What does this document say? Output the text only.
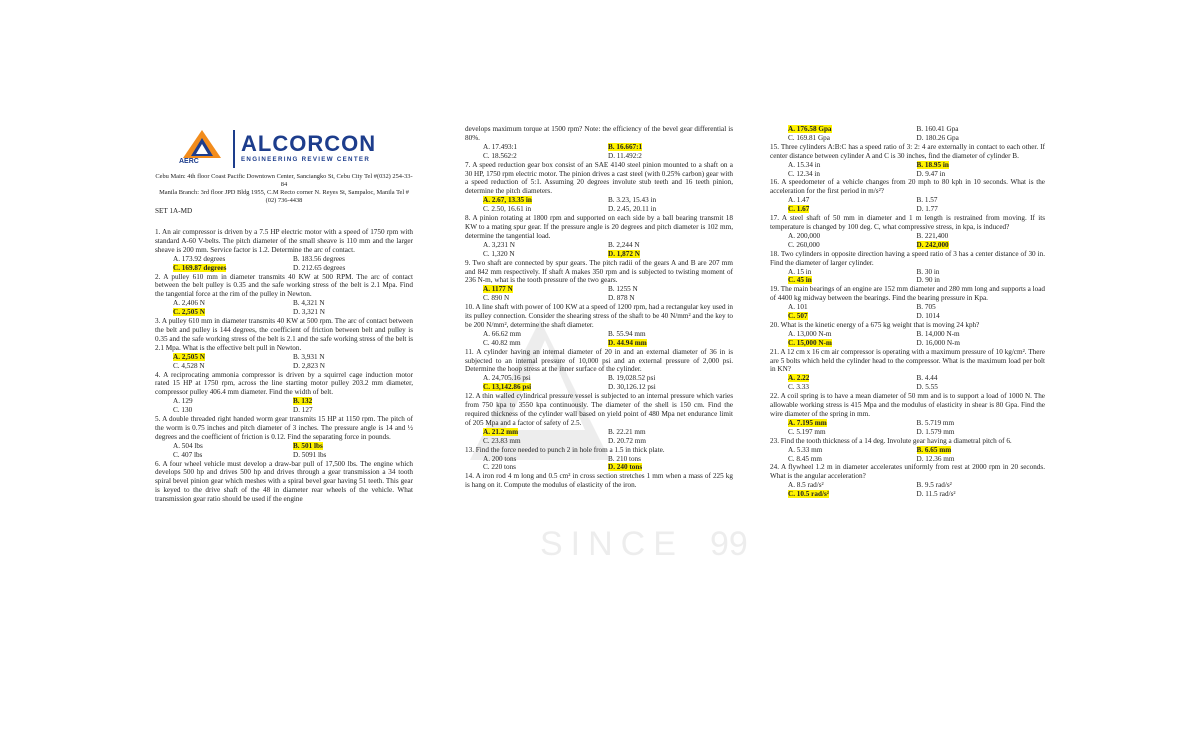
SINCE 99
AERC
ALCORCON
ENGINEERING REVIEW CENTER
Cebu Main: 4th floor Coast Pacific Downtown Center, Sanciangko St, Cebu City Tel #(032) 254-33-84
Manila Branch: 3rd floor JPD Bldg 1955, C.M Recto corner N. Reyes St, Sampaloc, Manila Tel # (02) 736-4438
SET 1A-MD

1. An air compressor is driven by a 7.5 HP electric motor with a speed of 1750 rpm with standard A-60 V-belts. The pitch diameter of the small sheave is 110 mm and the larger sheave is 200 mm. Service factor is 1.2. Determine the arc of contact.

A. 173.92 degrees	B. 183.56 degrees
C. 169.87 degrees	D. 212.65 degrees

2. A pulley 610 mm in diameter transmits 40 KW at 500 RPM. The arc of contact between the belt pulley is 0.35 and the safe working stress of the belt is 2.1 Mpa. Find the tangential force at the rim of the pulley in Newton.

A. 2,406 N	B. 4,321 N
C. 2,505 N	D. 3,321 N

3. A pulley 610 mm in diameter transmits 40 KW at 500 rpm. The arc of contact between the belt and pulley is 144 degrees, the coefficient of friction between belt and pulley is 0.35 and the safe working stress of the belt is 2.1 and the safe working stress of the belt is 2.1 Mpa. What is the effective belt pull in Newton.

A. 2,505 N	B. 3,931 N
C. 4,528 N	D. 2,823 N

4. A reciprocating ammonia compressor is driven by a squirrel cage induction motor rated 15 HP at 1750 rpm, across the line starting motor pulley 203.2 mm diameter, compressor pulley 406.4 mm diameter. Find the width of belt.

A. 129	B. 132
C. 130	D. 127

5. A double threaded right handed worm gear transmits 15 HP at 1150 rpm. The pitch of the worm is 0.75 inches and pitch diameter of 3 inches. The pressure angle is 14 and ½ degrees and the coefficient of friction is 0.12. Find the separating force in pounds.

A. 504 lbs	B. 501 lbs
C. 407 lbs	D. 5091 lbs

6. A four wheel vehicle must develop a draw-bar pull of 17,500 lbs. The engine which develops 500 hp and drives 500 hp and drives through a gear transmission a 34 tooth spiral bevel pinion gear which meshes with a spiral bevel gear having 51 teeth. This gear is keyed to the drive shaft of the 48 in diameter rear wheels of the vehicle. What transmission gear ratio should be used if the engine

develops maximum torque at 1500 rpm? Note: the efficiency of the bevel gear differential is 80%.

A. 17.493:1	B. 16.667:1
C. 18.562:2	D. 11.492:2

7. A speed reduction gear box consist of an SAE 4140 steel pinion mounted to a shaft on a 30 HP, 1750 rpm electric motor. The pinion drives a cast steel (with 0.25% carbon) gear with a speed reduction of 5:1. Assuming 20 degrees involute stub teeth and 16 teeth pinion, determine the pitch diameters.

A. 2.67, 13.35 in	B. 3.23, 15.43 in
C. 2.50, 16.61 in	D. 2.45, 20.11 in

8. A pinion rotating at 1800 rpm and supported on each side by a ball bearing transmit 18 KW to a mating spur gear. If the pressure angle is 20 degrees and pitch diameter is 102 mm, determine the tangential load.

A. 3,231 N	B. 2,244 N
C. 1,320 N	D. 1,872 N

9. Two shaft are connected by spur gears. The pitch radii of the gears A and B are 207 mm and 842 mm respectively. If shaft A makes 350 rpm and is subjected to twisting moment of 236 N-m, what is the tooth pressure of the two gears.

A. 1177 N	B. 1255 N
C. 890 N	D. 878 N

10. A line shaft with power of 100 KW at a speed of 1200 rpm, had a rectangular key used in its pulley connection. Consider the shearing stress of the shaft to be 40 N/mm² and the key to be 200 N/mm², determine the shaft diameter.

A. 66.62 mm	B. 55.94 mm
C. 40.82 mm	D. 44.94 mm

11. A cylinder having an internal diameter of 20 in and an external diameter of 36 in is subjected to an internal pressure of 10,000 psi and an external pressure of 2,000 psi. Determine the hoop stress at the inner surface of the cylinder.

A. 24,705.16 psi	B. 19,028.52 psi
C. 13,142.86 psi	D. 30,126.12 psi

12. A thin walled cylindrical pressure vessel is subjected to an internal pressure which varies from 750 kpa to 3550 kpa continuously. The diameter of the shell is 150 cm. Find the required thickness of the cylinder wall based on yield point of 480 Mpa net endurance limit of 205 Mpa and a factor of safety of 2.5.

A. 21.2 mm	B. 22.21 mm
C. 23.83 mm	D. 20.72 mm

13. Find the force needed to punch 2 in hole from a 1.5 in thick plate.

A. 200 tons	B. 210 tons
C. 220 tons	D. 240 tons

14. A iron rod 4 m long and 0.5 cm² in cross section stretches 1 mm when a mass of 225 kg is hang on it. Compute the modulus of elasticity of the iron.

A. 176.58 Gpa	B. 160.41 Gpa
C. 169.81 Gpa	D. 180.26 Gpa

15. Three cylinders A:B:C has a speed ratio of 3: 2: 4 are externally in contact to each other. If center distance between cylinder A and C is 30 inches, find the diameter of cylinder B.

A. 15.34 in	B. 18.95 in
C. 12.34 in	D. 9.47 in

16. A speedometer of a vehicle changes from 20 mph to 80 kph in 10 seconds. What is the acceleration for the first period in m/s²?

A. 1.47	B. 1.57
C. 1.67	D. 1.77

17. A steel shaft of 50 mm in diameter and 1 m length is restrained from moving. If its temperature is changed by 100 deg. C, what compressive stress, in kpa, is induced?

A. 200,000	B. 221,400
C. 260,000	D. 242,000

18. Two cylinders in opposite direction having a speed ratio of 3 has a center distance of 30 in. Find the diameter of larger cylinder.

A. 15 in	B. 30 in
C. 45 in	D. 90 in

19. The main bearings of an engine are 152 mm diameter and 280 mm long and supports a load of 4400 kg midway between the bearings. Find the bearing pressure in Kpa.

A. 101	B. 705
C. 507	D. 1014

20. What is the kinetic energy of a 675 kg weight that is moving 24 kph?

A. 13,000 N-m	B. 14,000 N-m
C. 15,000 N-m	D. 16,000 N-m

21. A 12 cm x 16 cm air compressor is operating with a maximum pressure of 10 kg/cm². There are 5 bolts which held the cylinder head to the compressor. What is the maximum load per bolt in KN?

A. 2.22	B. 4.44
C. 3.33	D. 5.55

22. A coil spring is to have a mean diameter of 50 mm and is to support a load of 1000 N. The allowable working stress is 415 Mpa and the modulus of elasticity in shear is 80 Gpa. Find the wire diameter of the spring in mm.

A. 7.195 mm	B. 5.719 mm
C. 5.197 mm	D. 1.579 mm

23. Find the tooth thickness of a 14 deg. Involute gear having a diametral pitch of 6.

A. 5.33 mm	B. 6.65 mm
C. 8.45 mm	D. 12.36 mm

24. A flywheel 1.2 m in diameter accelerates uniformly from rest at 2000 rpm in 20 seconds. What is the angular acceleration?

A. 8.5 rad/s²	B. 9.5 rad/s²
C. 10.5 rad/s²	D. 11.5 rad/s²
